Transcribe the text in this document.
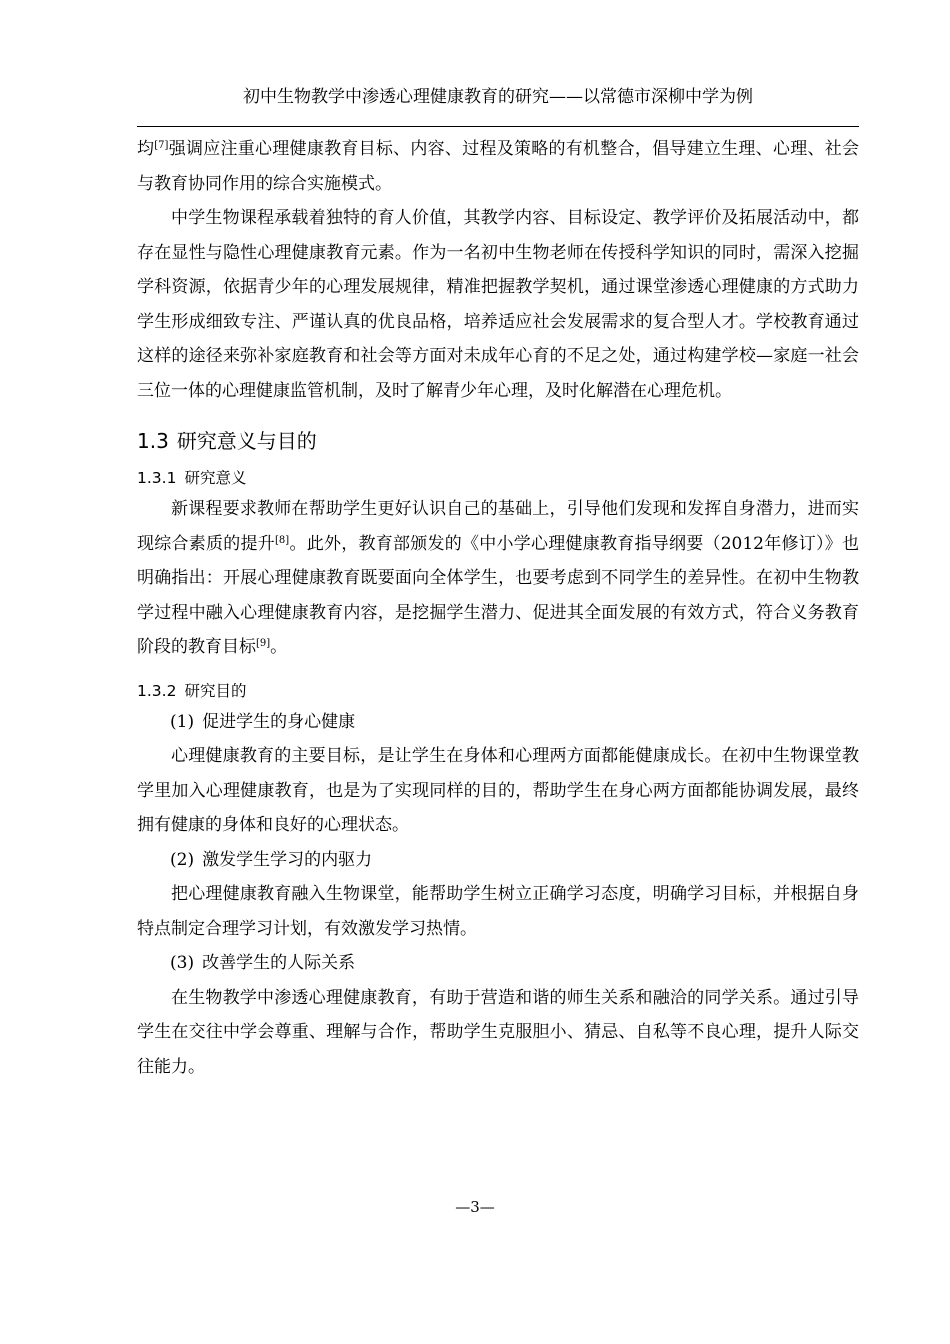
初中生物教学中渗透心理健康教育的研究——以常德市深柳中学为例

均[7]强调应注重心理健康教育目标、内容、过程及策略的有机整合，倡导建立生理、心理、社会与教育协同作用的综合实施模式。

中学生物课程承载着独特的育人价值，其教学内容、目标设定、教学评价及拓展活动中，都存在显性与隐性心理健康教育元素。作为一名初中生物老师在传授科学知识的同时，需深入挖掘学科资源，依据青少年的心理发展规律，精准把握教学契机，通过课堂渗透心理健康的方式助力学生形成细致专注、严谨认真的优良品格，培养适应社会发展需求的复合型人才。学校教育通过这样的途径来弥补家庭教育和社会等方面对未成年心育的不足之处，通过构建学校—家庭一社会三位一体的心理健康监管机制，及时了解青少年心理，及时化解潜在心理危机。

1.3 研究意义与目的
1.3.1 研究意义

新课程要求教师在帮助学生更好认识自己的基础上，引导他们发现和发挥自身潜力，进而实现综合素质的提升[8]。此外，教育部颁发的《中小学心理健康教育指导纲要（2012年修订）》也明确指出：开展心理健康教育既要面向全体学生，也要考虑到不同学生的差异性。在初中生物教学过程中融入心理健康教育内容，是挖掘学生潜力、促进其全面发展的有效方式，符合义务教育阶段的教育目标[9]。

1.3.2 研究目的
(1) 促进学生的身心健康

心理健康教育的主要目标，是让学生在身体和心理两方面都能健康成长。在初中生物课堂教学里加入心理健康教育，也是为了实现同样的目的，帮助学生在身心两方面都能协调发展，最终拥有健康的身体和良好的心理状态。

(2) 激发学生学习的内驱力

把心理健康教育融入生物课堂，能帮助学生树立正确学习态度，明确学习目标，并根据自身特点制定合理学习计划，有效激发学习热情。

(3) 改善学生的人际关系

在生物教学中渗透心理健康教育，有助于营造和谐的师生关系和融洽的同学关系。通过引导学生在交往中学会尊重、理解与合作，帮助学生克服胆小、猜忌、自私等不良心理，提升人际交往能力。

—3—
